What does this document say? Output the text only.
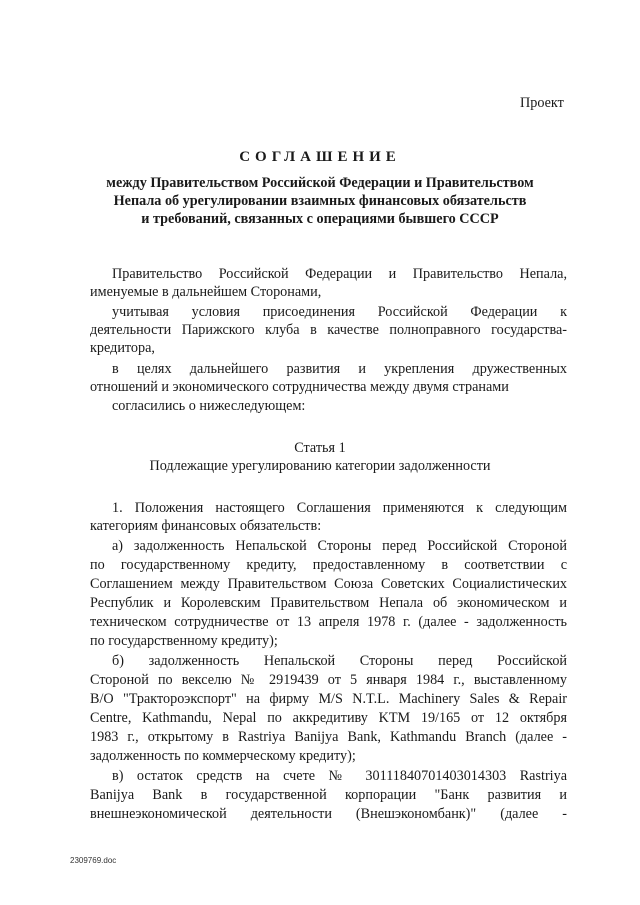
Проект
СОГЛАШЕНИЕ
между Правительством Российской Федерации и Правительством
Непала об урегулировании взаимных финансовых обязательств
и требований, связанных с операциями бывшего СССР
Правительство Российской Федерации и Правительство Непала,
именуемые в дальнейшем Сторонами,
учитывая условия присоединения Российской Федерации к
деятельности Парижского клуба в качестве полноправного государства-
кредитора,
в целях дальнейшего развития и укрепления дружественных
отношений и экономического сотрудничества между двумя странами
согласились о нижеследующем:
Статья 1
Подлежащие урегулированию категории задолженности
1. Положения настоящего Соглашения применяются к следующим
категориям финансовых обязательств:
а) задолженность Непальской Стороны перед Российской Стороной
по государственному кредиту, предоставленному в соответствии с
Соглашением между Правительством Союза Советских Социалистических
Республик и Королевским Правительством Непала об экономическом и
техническом сотрудничестве от 13 апреля 1978 г. (далее - задолженность
по государственному кредиту);
б) задолженность Непальской Стороны перед Российской
Стороной по векселю № 2919439 от 5 января 1984 г., выставленному
В/О "Тракторoэкспорт" на фирму M/S N.T.L. Machinery Sales & Repair
Centre, Kathmandu, Nepal по аккредитиву KTM 19/165 от 12 октября
1983 г., открытому в Rastriya Banijya Bank, Kathmandu Branch (далее -
задолженность по коммерческому кредиту);
в) остаток средств на счете № 30111840701403014303 Rastriya
Banijya Bank в государственной корпорации "Банк развития и
внешнеэкономической деятельности (Внешэкономбанк)" (далее -
2309769.doc
